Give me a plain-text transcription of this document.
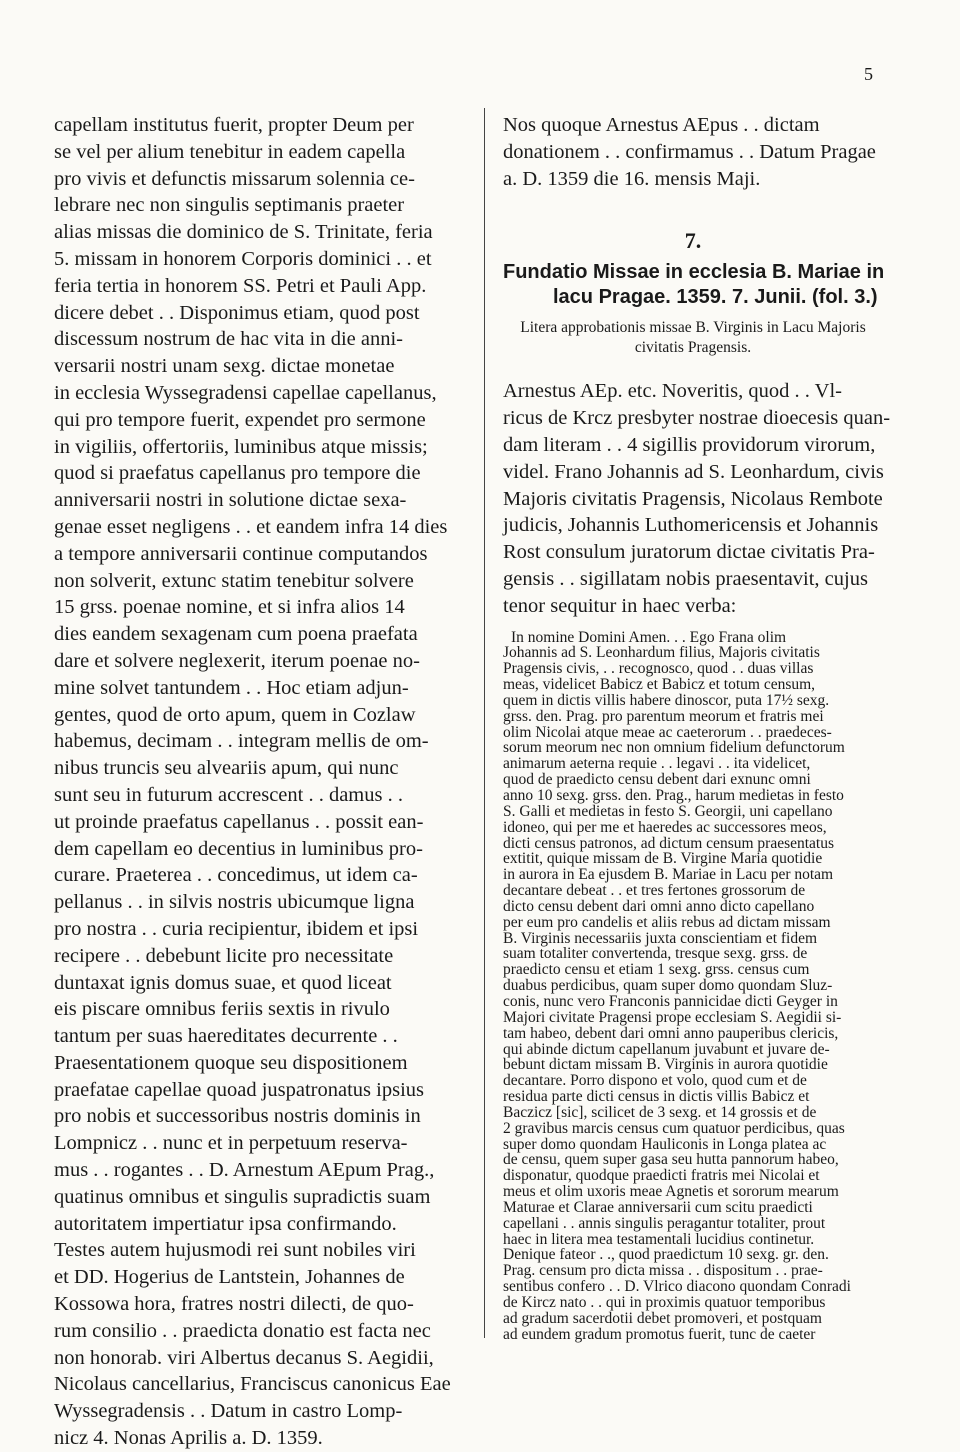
5
capellam institutus fuerit, propter Deum per
se vel per alium tenebitur in eadem capella
pro vivis et defunctis missarum solennia ce-
lebrare nec non singulis septimanis praeter
alias missas die dominico de S. Trinitate, feria
5. missam in honorem Corporis dominici . . et
feria tertia in honorem SS. Petri et Pauli App.
dicere debet . . Disponimus etiam, quod post
discessum nostrum de hac vita in die anni-
versarii nostri unam sexg. dictae monetae
in ecclesia Wyssegradensi capellae capellanus,
qui pro tempore fuerit, expendet pro sermone
in vigiliis, offertoriis, luminibus atque missis;
quod si praefatus capellanus pro tempore die
anniversarii nostri in solutione dictae sexa-
genae esset negligens . . et eandem infra 14 dies
a tempore anniversarii continue computandos
non solverit, extunc statim tenebitur solvere
15 grss. poenae nomine, et si infra alios 14
dies eandem sexagenam cum poena praefata
dare et solvere neglexerit, iterum poenae no-
mine solvet tantundem . . Hoc etiam adjun-
gentes, quod de orto apum, quem in Cozlaw
habemus, decimam . . integram mellis de om-
nibus truncis seu alveariis apum, qui nunc
sunt seu in futurum accrescent . . damus . .
ut proinde praefatus capellanus . . possit ean-
dem capellam eo decentius in luminibus pro-
curare. Praeterea . . concedimus, ut idem ca-
pellanus . . in silvis nostris ubicumque ligna
pro nostra . . curia recipientur, ibidem et ipsi
recipere . . debebunt licite pro necessitate
duntaxat ignis domus suae, et quod liceat
eis piscare omnibus feriis sextis in rivulo
tantum per suas haereditates decurrente . .
Praesentationem quoque seu dispositionem
praefatae capellae quoad juspatronatus ipsius
pro nobis et successoribus nostris dominis in
Lompnicz . . nunc et in perpetuum reserva-
mus . . rogantes . . D. Arnestum AEpum Prag.,
quatinus omnibus et singulis supradictis suam
autoritatem impertiatur ipsa confirmando.
Testes autem hujusmodi rei sunt nobiles viri
et DD. Hogerius de Lantstein, Johannes de
Kossowa hora, fratres nostri dilecti, de quo-
rum consilio . . praedicta donatio est facta nec
non honorab. viri Albertus decanus S. Aegidii,
Nicolaus cancellarius, Franciscus canonicus Eae
Wyssegradensis . . Datum in castro Lomp-
nicz 4. Nonas Aprilis a. D. 1359.
Nos quoque Arnestus AEpus . . dictam
donationem . . confirmamus . . Datum Pragae
a. D. 1359 die 16. mensis Maji.
7.
Fundatio Missae in ecclesia B. Mariae in
lacu Pragae. 1359. 7. Junii. (fol. 3.)
Litera approbationis missae B. Virginis in Lacu Majoris
civitatis Pragensis.
Arnestus AEp. etc. Noveritis, quod . . Vl-
ricus de Krcz presbyter nostrae dioecesis quan-
dam literam . . 4 sigillis providorum virorum,
videl. Frano Johannis ad S. Leonhardum, civis
Majoris civitatis Pragensis, Nicolaus Rembote
judicis, Johannis Luthomericensis et Johannis
Rost consulum juratorum dictae civitatis Pra-
gensis . . sigillatam nobis praesentavit, cujus
tenor sequitur in haec verba:
In nomine Domini Amen. . . Ego Frana olim
Johannis ad S. Leonhardum filius, Majoris civitatis
Pragensis civis, . . recognosco, quod . . duas villas
meas, videlicet Babicz et Babicz et totum censum,
quem in dictis villis habere dinoscor, puta 17½ sexg.
grss. den. Prag. pro parentum meorum et fratris mei
olim Nicolai atque meae ac caeterorum . . praedeces-
sorum meorum nec non omnium fidelium defunctorum
animarum aeterna requie . . legavi . . ita videlicet,
quod de praedicto censu debent dari exnunc omni
anno 10 sexg. grss. den. Prag., harum medietas in festo
S. Galli et medietas in festo S. Georgii, uni capellano
idoneo, qui per me et haeredes ac successores meos,
dicti census patronos, ad dictum censum praesentatus
extitit, quique missam de B. Virgine Maria quotidie
in aurora in Ea ejusdem B. Mariae in Lacu per notam
decantare debeat . . et tres fertones grossorum de
dicto censu debent dari omni anno dicto capellano
per eum pro candelis et aliis rebus ad dictam missam
B. Virginis necessariis juxta conscientiam et fidem
suam totaliter convertenda, tresque sexg. grss. de
praedicto censu et etiam 1 sexg. grss. census cum
duabus perdicibus, quam super domo quondam Sluz-
conis, nunc vero Franconis pannicidae dicti Geyger in
Majori civitate Pragensi prope ecclesiam S. Aegidii si-
tam habeo, debent dari omni anno pauperibus clericis,
qui abinde dictum capellanum juvabunt et juvare de-
bebunt dictam missam B. Virginis in aurora quotidie
decantare. Porro dispono et volo, quod cum et de
residua parte dicti census in dictis villis Babicz et
Baczicz [sic], scilicet de 3 sexg. et 14 grossis et de
2 gravibus marcis census cum quatuor perdicibus, quas
super domo quondam Hauliconis in Longa platea ac
de censu, quem super gasa seu hutta pannorum habeo,
disponatur, quodque praedicti fratris mei Nicolai et
meus et olim uxoris meae Agnetis et sororum mearum
Maturae et Clarae anniversarii cum scitu praedicti
capellani . . annis singulis peragantur totaliter, prout
haec in litera mea testamentali lucidius continetur.
Denique fateor . ., quod praedictum 10 sexg. gr. den.
Prag. censum pro dicta missa . . dispositum . . prae-
sentibus confero . . D. Vlrico diacono quondam Conradi
de Kircz nato . . qui in proximis quatuor temporibus
ad gradum sacerdotii debet promoveri, et postquam
ad eundem gradum promotus fuerit, tunc de caeter
